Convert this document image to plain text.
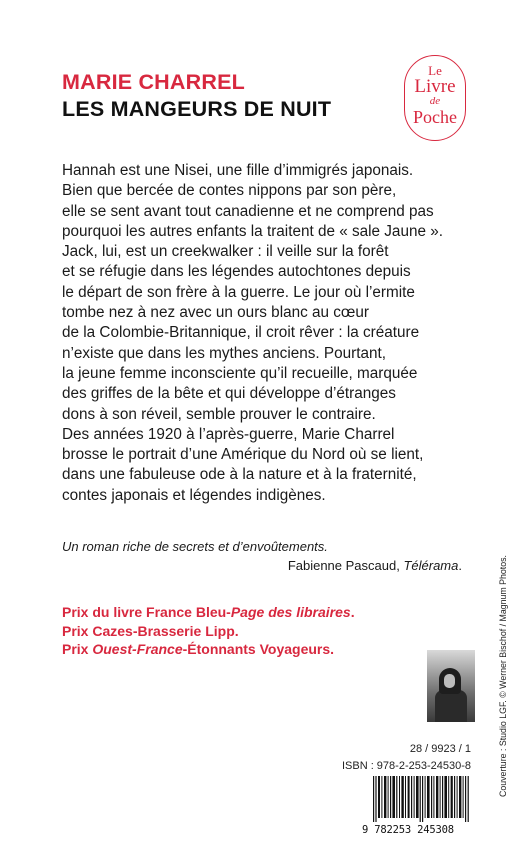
MARIE CHARREL
LES MANGEURS DE NUIT
Le
Livre
de
Poche
Hannah est une Nisei, une fille d’immigrés japonais.
Bien que bercée de contes nippons par son père,
elle se sent avant tout canadienne et ne comprend pas
pourquoi les autres enfants la traitent de « sale Jaune ».
Jack, lui, est un creekwalker : il veille sur la forêt
et se réfugie dans les légendes autochtones depuis
le départ de son frère à la guerre. Le jour où l’ermite
tombe nez à nez avec un ours blanc au cœur
de la Colombie-Britannique, il croit rêver : la créature
n’existe que dans les mythes anciens. Pourtant,
la jeune femme inconsciente qu’il recueille, marquée
des griffes de la bête et qui développe d’étranges
dons à son réveil, semble prouver le contraire.
Des années 1920 à l’après-guerre, Marie Charrel
brosse le portrait d’une Amérique du Nord où se lient,
dans une fabuleuse ode à la nature et à la fraternité,
contes japonais et légendes indigènes.
Un roman riche de secrets et d’envoûtements.
Fabienne Pascaud, Télérama.
Prix du livre France Bleu-Page des libraires.
Prix Cazes-Brasserie Lipp.
Prix Ouest-France-Étonnants Voyageurs.	Couverture : Studio LGF. © Werner Bischof / Magnum Photos.
28 / 9923 / 1
ISBN : 978-2-253-24530-8
9 782253 245308
